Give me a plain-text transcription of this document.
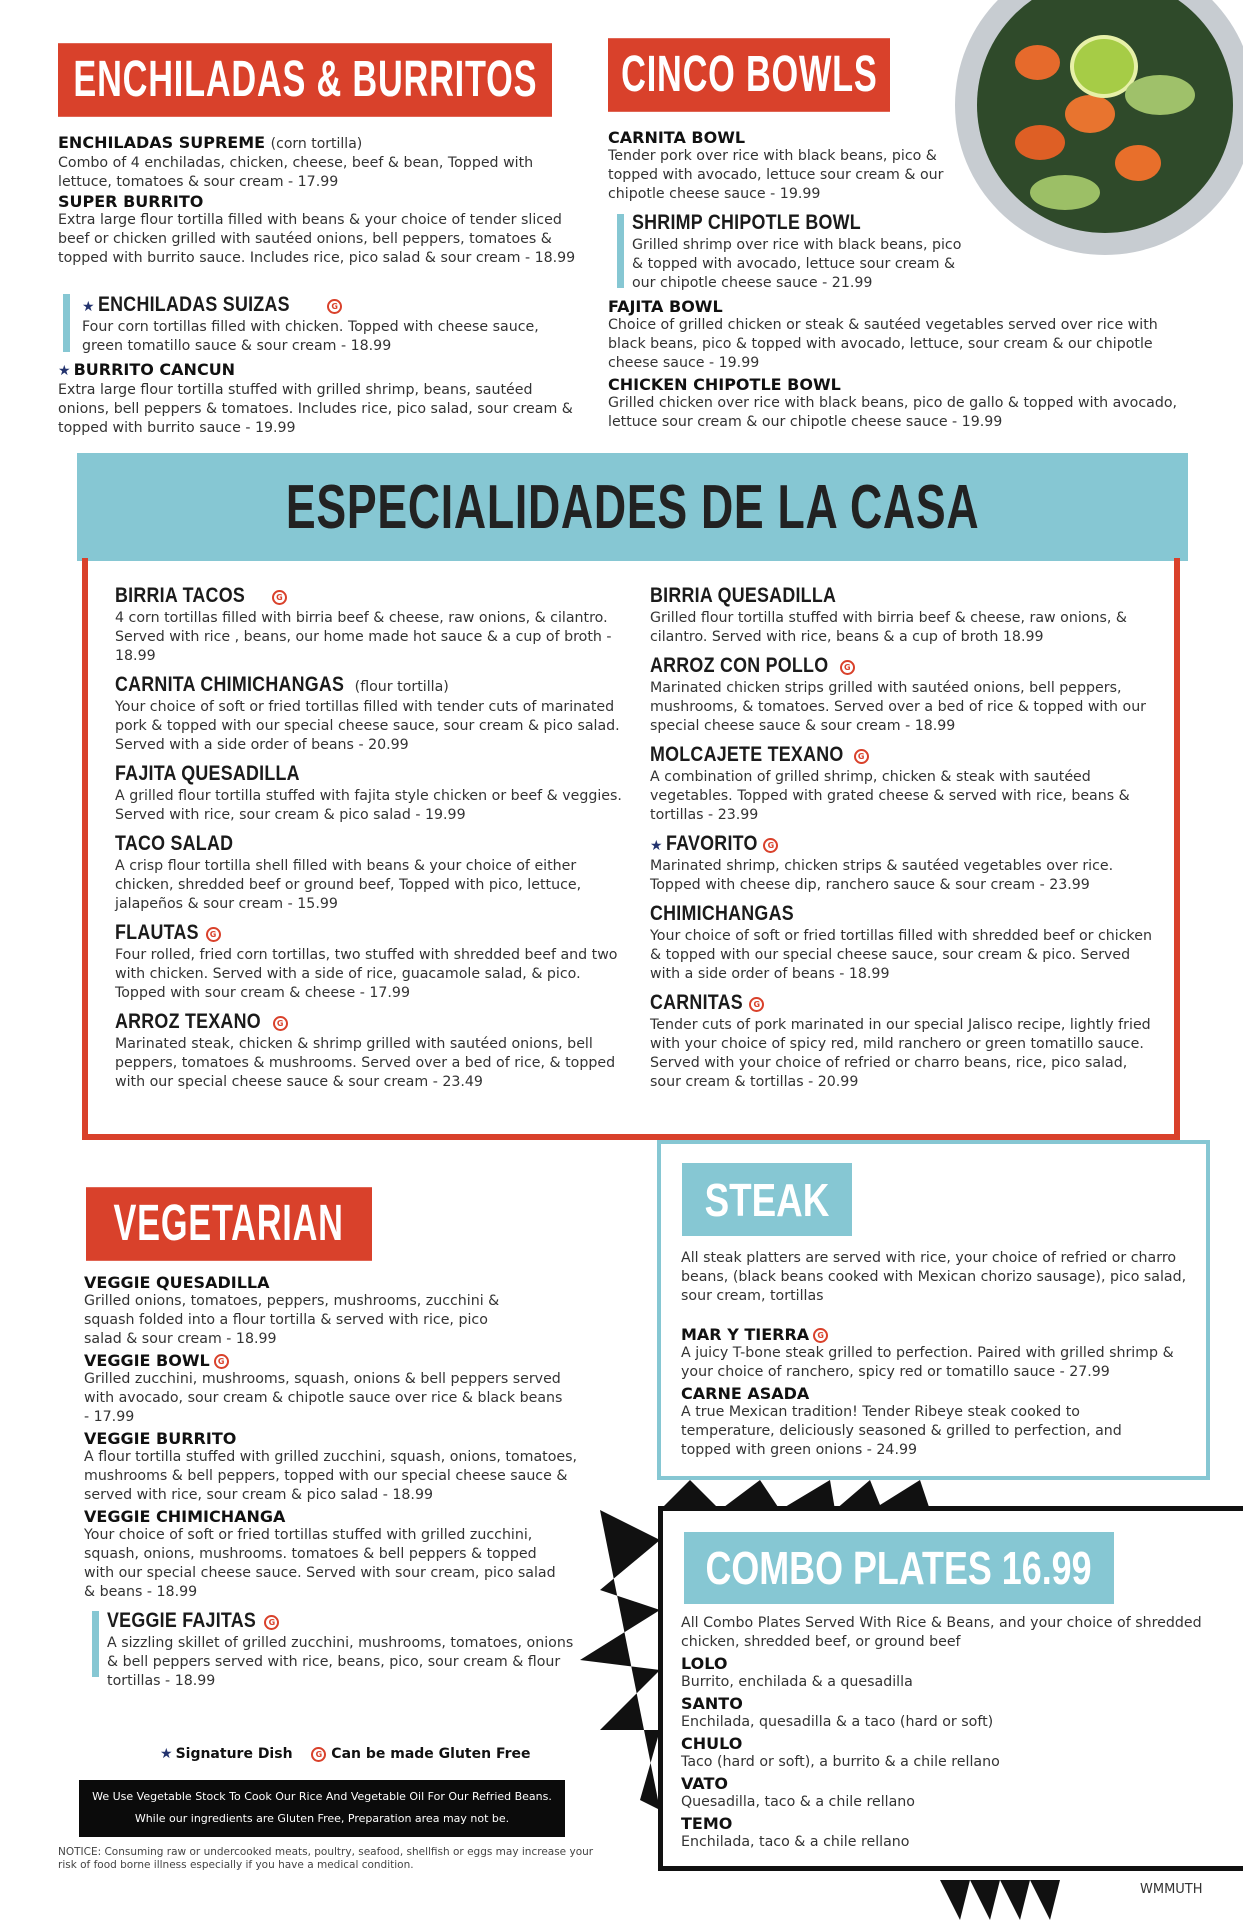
ENCHILADAS & BURRITOS
ENCHILADAS SUPREME (corn tortilla)
Combo of 4 enchiladas, chicken, cheese, beef & bean, Topped with lettuce, tomatoes & sour cream - 17.99
SUPER BURRITO
Extra large flour tortilla filled with beans & your choice of tender sliced beef or chicken grilled with sautéed onions, bell peppers, tomatoes & topped with burrito sauce. Includes rice, pico salad & sour cream - 18.99
★ ENCHILADAS SUIZAS	G
Four corn tortillas filled with chicken. Topped with cheese sauce, green tomatillo sauce & sour cream - 18.99
★ BURRITO CANCUN
Extra large flour tortilla stuffed with grilled shrimp, beans, sautéed onions, bell peppers & tomatoes. Includes rice, pico salad, sour cream & topped with burrito sauce - 19.99
CINCO BOWLS
CARNITA BOWL
Tender pork over rice with black beans, pico & topped with avocado, lettuce sour cream & our chipotle cheese sauce - 19.99
SHRIMP CHIPOTLE BOWL
Grilled shrimp over rice with black beans, pico & topped with avocado, lettuce sour cream & our chipotle cheese sauce - 21.99
FAJITA BOWL
Choice of grilled chicken or steak & sautéed vegetables served over rice with black beans, pico & topped with avocado, lettuce, sour cream & our chipotle cheese sauce - 19.99
CHICKEN CHIPOTLE BOWL
Grilled chicken over rice with black beans, pico de gallo & topped with avocado, lettuce sour cream & our chipotle cheese sauce - 19.99
ESPECIALIDADES DE LA CASA
BIRRIA TACOS	G
4 corn tortillas filled with birria beef & cheese, raw onions, & cilantro. Served with rice , beans, our home made hot sauce & a cup of broth - 18.99
CARNITA CHIMICHANGAS (flour tortilla)
Your choice of soft or fried tortillas filled with tender cuts of marinated pork & topped with our special cheese sauce, sour cream & pico salad. Served with a side order of beans - 20.99
FAJITA QUESADILLA
A grilled flour tortilla stuffed with fajita style chicken or beef & veggies. Served with rice, sour cream & pico salad - 19.99
TACO SALAD
A crisp flour tortilla shell filled with beans & your choice of either chicken, shredded beef or ground beef, Topped with pico, lettuce, jalapeños & sour cream - 15.99
FLAUTAS G
Four rolled, fried corn tortillas, two stuffed with shredded beef and two with chicken. Served with a side of rice, guacamole salad, & pico. Topped with sour cream & cheese - 17.99
ARROZ TEXANO G
Marinated steak, chicken & shrimp grilled with sautéed onions, bell peppers, tomatoes & mushrooms. Served over a bed of rice, & topped with our special cheese sauce & sour cream - 23.49
BIRRIA QUESADILLA
Grilled flour tortilla stuffed with birria beef & cheese, raw onions, & cilantro. Served with rice, beans & a cup of broth 18.99
ARROZ CON POLLO G
Marinated chicken strips grilled with sautéed onions, bell peppers, mushrooms, & tomatoes. Served over a bed of rice & topped with our special cheese sauce & sour cream - 18.99
MOLCAJETE TEXANO G
A combination of grilled shrimp, chicken & steak with sautéed vegetables. Topped with grated cheese & served with rice, beans & tortillas - 23.99
★ FAVORITO G
Marinated shrimp, chicken strips & sautéed vegetables over rice. Topped with cheese dip, ranchero sauce & sour cream - 23.99
CHIMICHANGAS
Your choice of soft or fried tortillas filled with shredded beef or chicken & topped with our special cheese sauce, sour cream & pico. Served with a side order of beans - 18.99
CARNITAS G
Tender cuts of pork marinated in our special Jalisco recipe, lightly fried with your choice of spicy red, mild ranchero or green tomatillo sauce. Served with your choice of refried or charro beans, rice, pico salad, sour cream & tortillas - 20.99
VEGETARIAN
VEGGIE QUESADILLA
Grilled onions, tomatoes, peppers, mushrooms, zucchini & squash folded into a flour tortilla & served with rice, pico salad & sour cream - 18.99
VEGGIE BOWL G
Grilled zucchini, mushrooms, squash, onions & bell peppers served with avocado, sour cream & chipotle sauce over rice & black beans - 17.99
VEGGIE BURRITO
A flour tortilla stuffed with grilled zucchini, squash, onions, tomatoes, mushrooms & bell peppers, topped with our special cheese sauce & served with rice, sour cream & pico salad - 18.99
VEGGIE CHIMICHANGA
Your choice of soft or fried tortillas stuffed with grilled zucchini, squash, onions, mushrooms. tomatoes & bell peppers & topped with our special cheese sauce. Served with sour cream, pico salad & beans - 18.99
VEGGIE FAJITAS G
A sizzling skillet of grilled zucchini, mushrooms, tomatoes, onions & bell peppers served with rice, beans, pico, sour cream & flour tortillas - 18.99
★ Signature Dish	G Can be made Gluten Free
We Use Vegetable Stock To Cook Our Rice And Vegetable Oil For Our Refried Beans.
While our ingredients are Gluten Free, Preparation area may not be.
NOTICE: Consuming raw or undercooked meats, poultry, seafood, shellfish or eggs may increase your risk of food borne illness especially if you have a medical condition.
STEAK
All steak platters are served with rice, your choice of refried or charro beans, (black beans cooked with Mexican chorizo sausage), pico salad, sour cream, tortillas
MAR Y TIERRA G
A juicy T-bone steak grilled to perfection. Paired with grilled shrimp & your choice of ranchero, spicy red or tomatillo sauce - 27.99
CARNE ASADA
A true Mexican tradition! Tender Ribeye steak cooked to temperature, deliciously seasoned & grilled to perfection, and topped with green onions - 24.99
COMBO PLATES 16.99
All Combo Plates Served With Rice & Beans, and your choice of shredded chicken, shredded beef, or ground beef
LOLO
Burrito, enchilada & a quesadilla
SANTO
Enchilada, quesadilla & a taco (hard or soft)
CHULO
Taco (hard or soft), a burrito & a chile rellano
VATO
Quesadilla, taco & a chile rellano
TEMO
Enchilada, taco & a chile rellano
WMMUTH
